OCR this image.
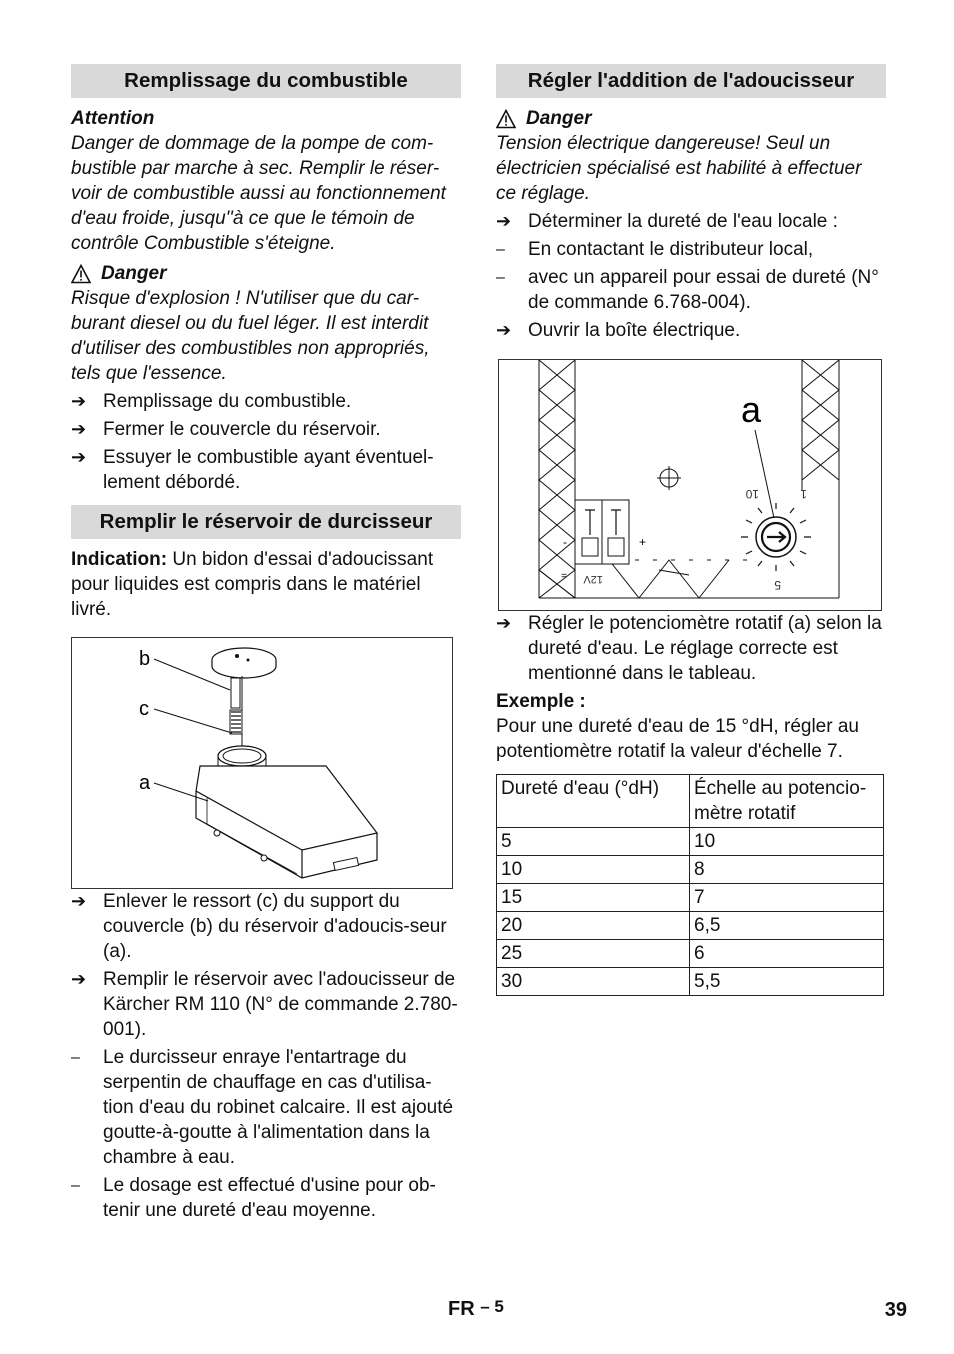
Remplissage du combustible

Attention

Danger de dommage de la pompe de com-bustible par marche à sec. Remplir le réser-voir de combustible aussi au fonctionnement d'eau froide, jusqu''à ce que le témoin de contrôle Combustible s'éteigne.

Danger

Risque d'explosion ! N'utiliser que du car-burant diesel ou du fuel léger. Il est interdit d'utiliser des combustibles non appropriés, tels que l'essence.

➔ Remplissage du combustible.
➔ Fermer le couvercle du réservoir.
➔ Essuyer le combustible ayant éventuel-lement débordé.
Remplir le réservoir de durcisseur

Indication: Un bidon d'essai d'adoucissant pour liquides est compris dans le matériel livré.

b
c
a
➔ Enlever le ressort (c) du support du couvercle (b) du réservoir d'adoucis-seur (a).
➔ Remplir le réservoir avec l'adoucisseur de Kärcher RM 110 (N° de commande 2.780-001).
–	Le durcisseur enraye l'entartrage du serpentin de chauffage en cas d'utilisa-tion d'eau du robinet calcaire. Il est ajouté goutte-à-goutte à l'alimentation dans la chambre à eau.
–	Le dosage est effectué d'usine pour ob-tenir une dureté d'eau moyenne.
Régler l'addition de l'adoucisseur
Danger

Tension électrique dangereuse! Seul un électricien spécialisé est habilité à effectuer ce réglage.

➔ Déterminer la dureté de l'eau locale :
–	En contactant le distributeur local,
–	avec un appareil pour essai de dureté (N° de commande 6.768-004).
➔ Ouvrir la boîte électrique.
+
-
= 12V
10	1
5
a
➔ Régler le potenciomètre rotatif (a) selon la dureté d'eau. Le réglage correcte est mentionné dans le tableau.

Exemple :

Pour une dureté d'eau de 15 °dH, régler au potentiomètre rotatif la valeur d'échelle 7.

Dureté d'eau (°dH)	Échelle au potencio-mètre rotatif
5	10
10	8
15	7
20	6,5
25	6
30	5,5
FR – 5	39
